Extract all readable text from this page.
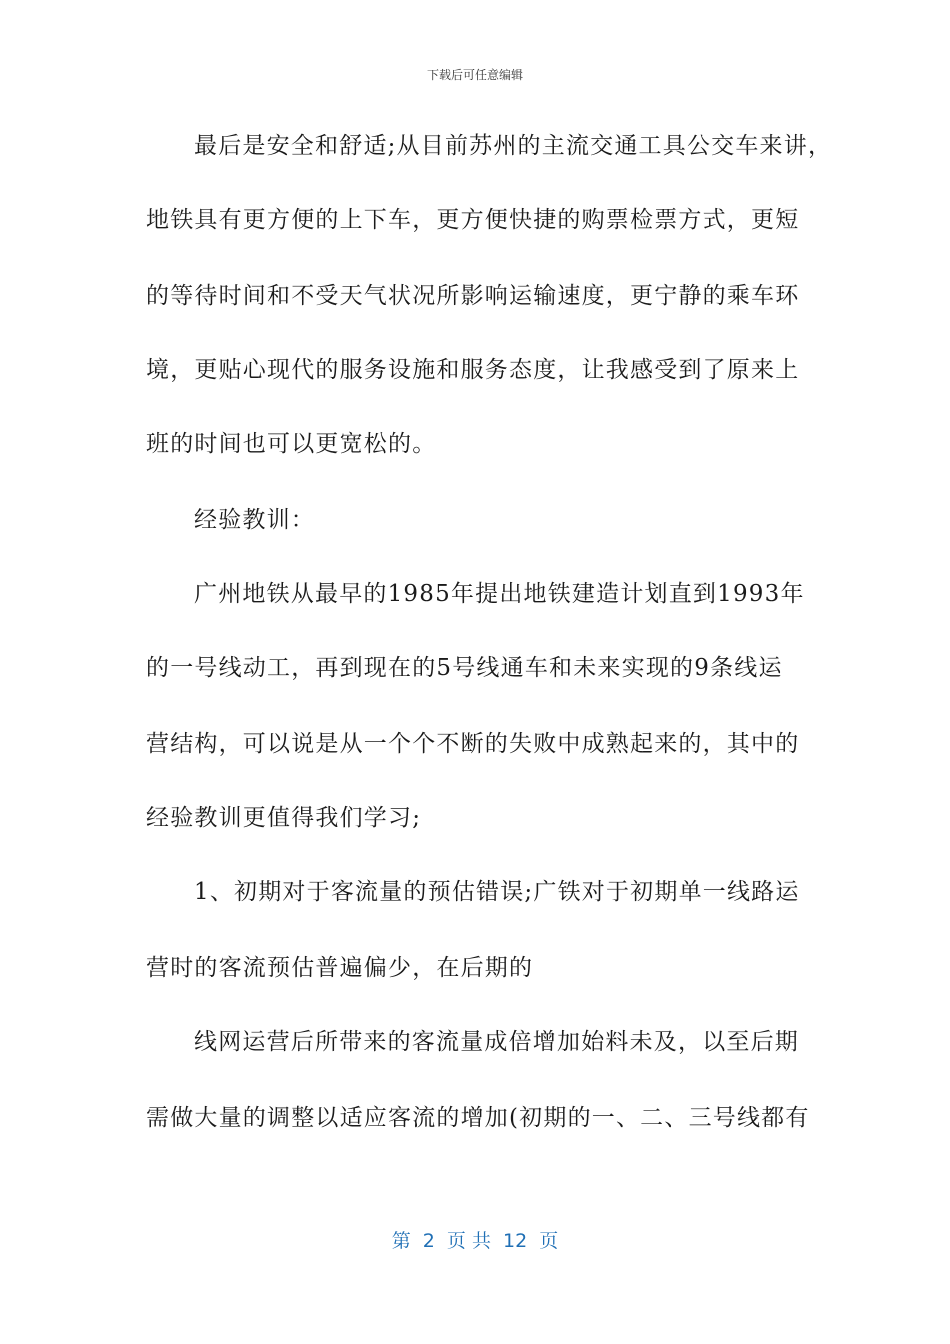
下载后可任意编辑
最后是安全和舒适;从目前苏州的主流交通工具公交车来讲，
地铁具有更方便的上下车，更方便快捷的购票检票方式，更短
的等待时间和不受天气状况所影响运输速度，更宁静的乘车环
境，更贴心现代的服务设施和服务态度，让我感受到了原来上
班的时间也可以更宽松的。
经验教训：
广州地铁从最早的1985年提出地铁建造计划直到1993年
的一号线动工，再到现在的5号线通车和未来实现的9条线运
营结构，可以说是从一个个不断的失败中成熟起来的，其中的
经验教训更值得我们学习;
1、初期对于客流量的预估错误;广铁对于初期单一线路运
营时的客流预估普遍偏少，在后期的
线网运营后所带来的客流量成倍增加始料未及，以至后期
需做大量的调整以适应客流的增加(初期的一、二、三号线都有
第  2  页 共  12  页
